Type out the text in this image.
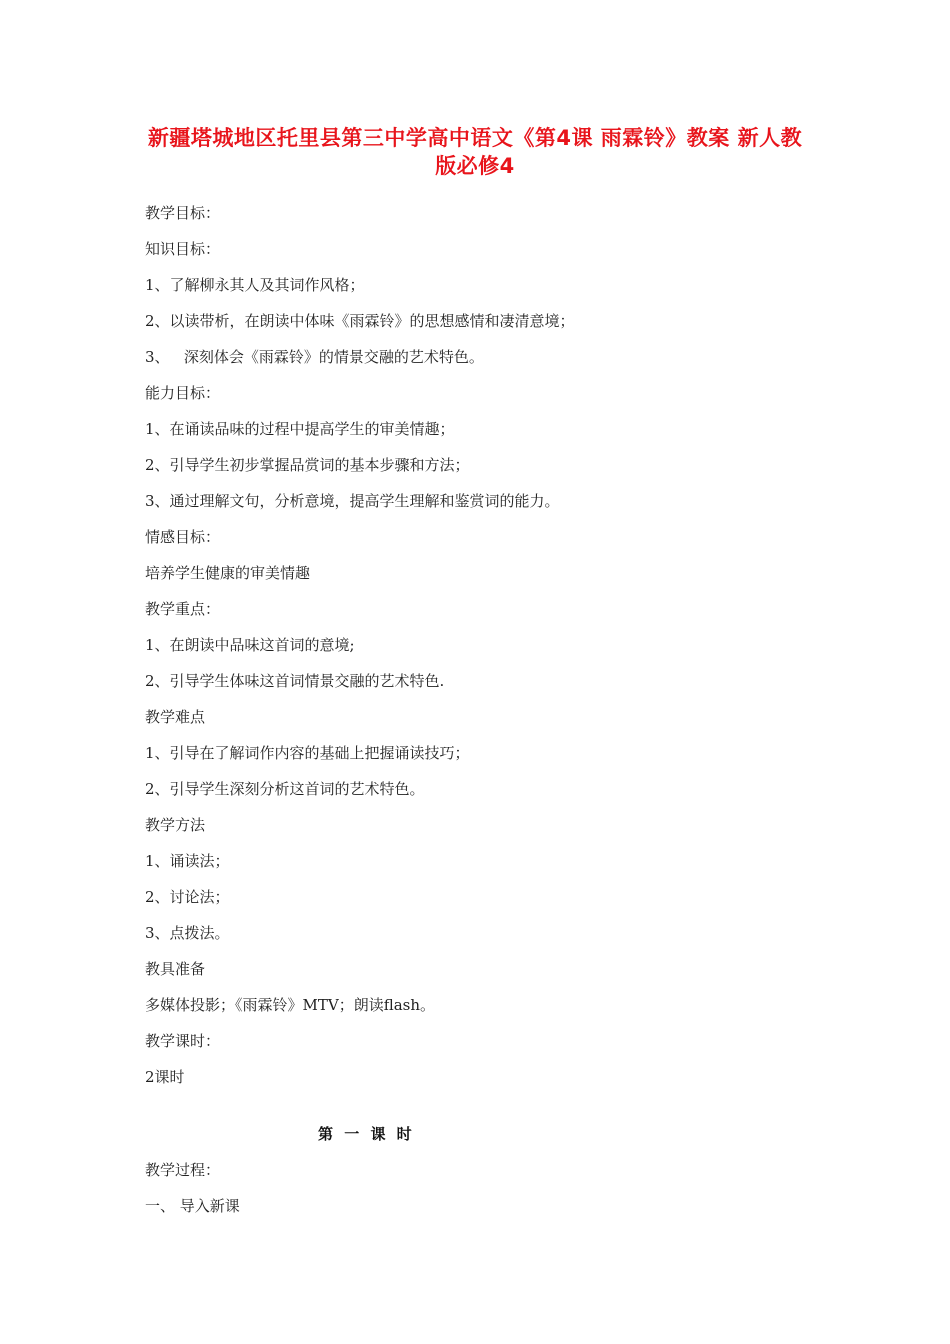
新疆塔城地区托里县第三中学高中语文《第4课 雨霖铃》教案 新人教版必修4
教学目标：
知识目标：
1、了解柳永其人及其词作风格；
2、以读带析，在朗读中体味《雨霖铃》的思想感情和凄清意境；
3、   深刻体会《雨霖铃》的情景交融的艺术特色。
能力目标：
1、在诵读品味的过程中提高学生的审美情趣；
2、引导学生初步掌握品赏词的基本步骤和方法；
3、通过理解文句，分析意境，提高学生理解和鉴赏词的能力。
情感目标：
培养学生健康的审美情趣
教学重点：
1、在朗读中品味这首词的意境;
2、引导学生体味这首词情景交融的艺术特色.
教学难点
1、引导在了解词作内容的基础上把握诵读技巧；
2、引导学生深刻分析这首词的艺术特色。
教学方法
1、诵读法；
2、讨论法；
3、点拨法。
教具准备
多媒体投影；《雨霖铃》MTV；朗读flash。
教学课时：
2课时
第 一 课 时
教学过程：
一、 导入新课
